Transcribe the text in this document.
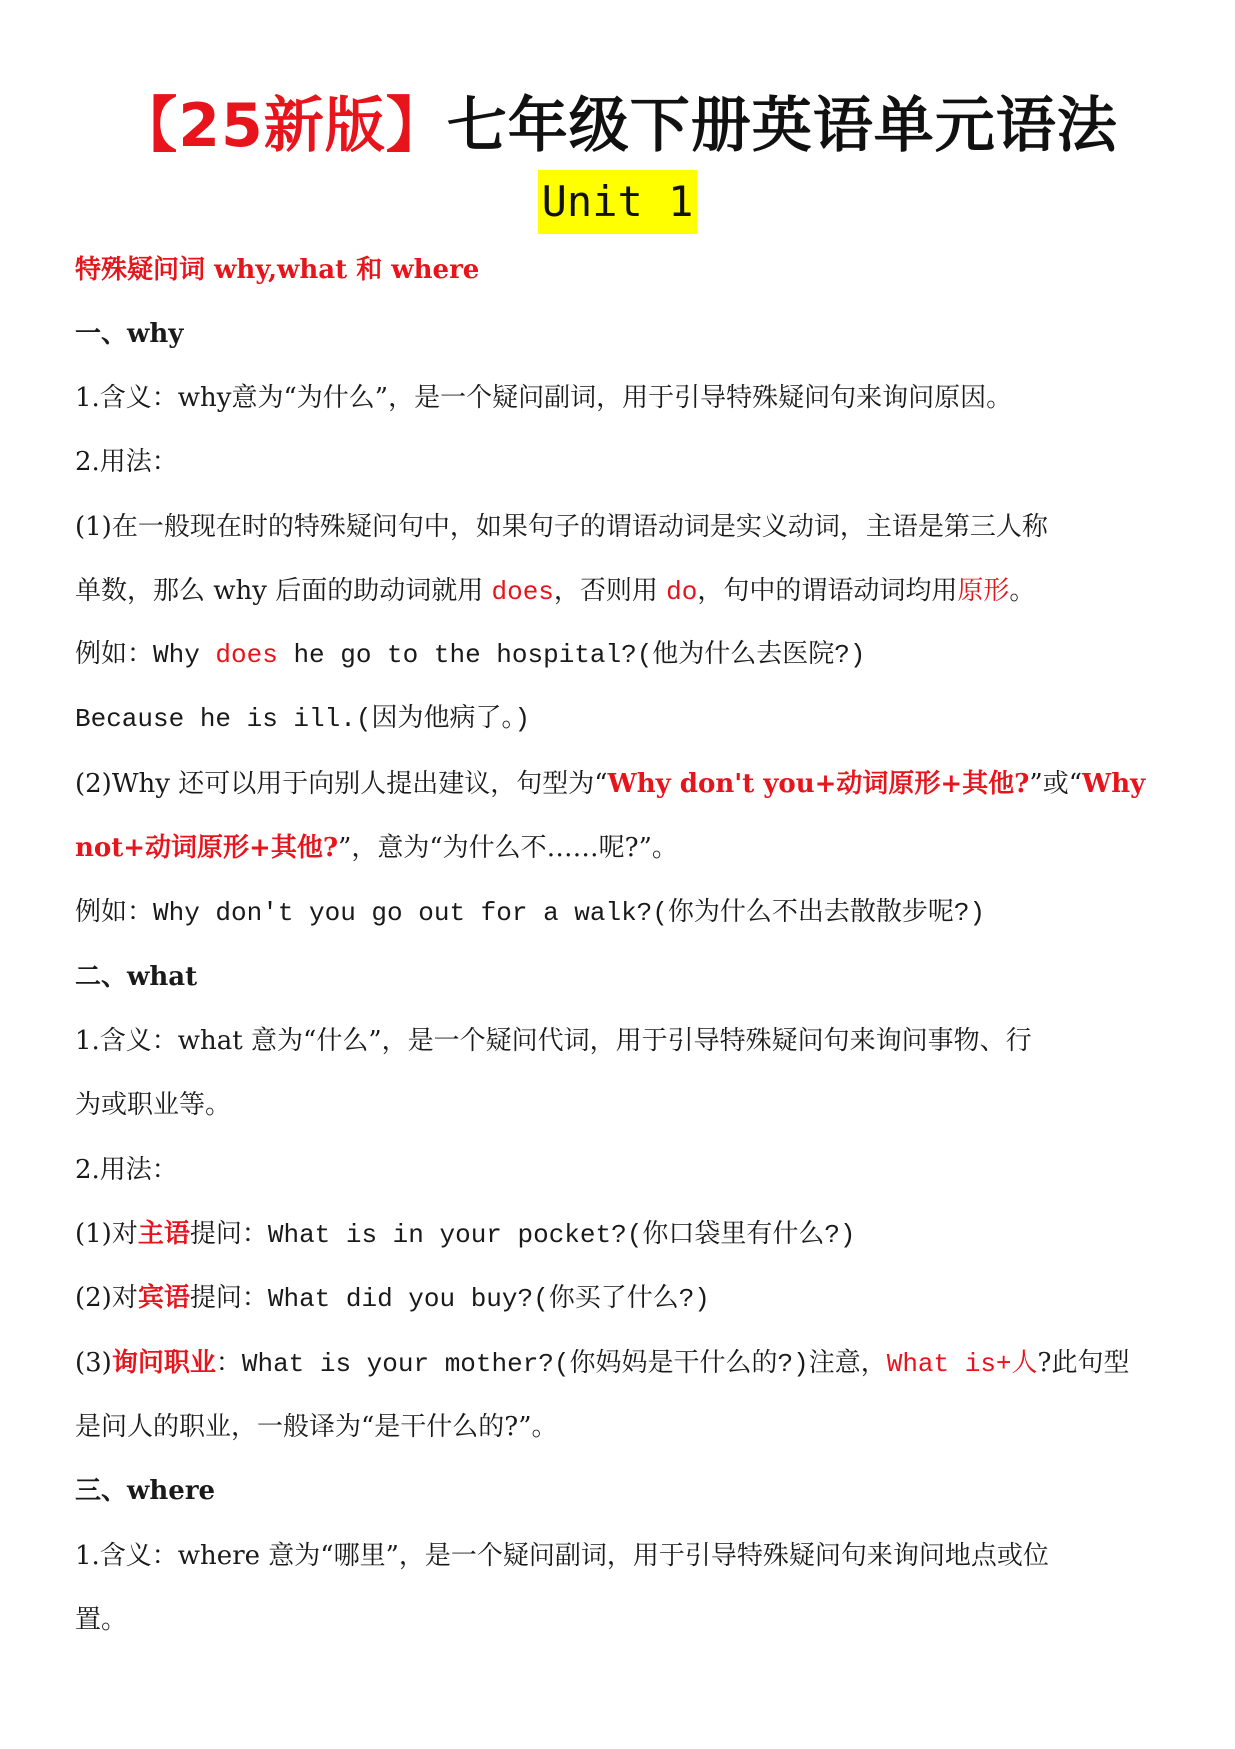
【25新版】七年级下册英语单元语法
Unit 1
特殊疑问词 why,what 和 where
一、why
1.含义：why意为“为什么”，是一个疑问副词，用于引导特殊疑问句来询问原因。
2.用法：
(1)在一般现在时的特殊疑问句中，如果句子的谓语动词是实义动词，主语是第三人称
单数，那么 why 后面的助动词就用 does，否则用 do，句中的谓语动词均用原形。
例如：Why does he go to the hospital?(他为什么去医院?)
Because he is ill.(因为他病了。)
(2)Why 还可以用于向别人提出建议，句型为“Why don't you+动词原形+其他?”或“Why
not+动词原形+其他?”，意为“为什么不……呢?”。
例如：Why don't you go out for a walk?(你为什么不出去散散步呢?)
二、what
1.含义：what 意为“什么”，是一个疑问代词，用于引导特殊疑问句来询问事物、行
为或职业等。
2.用法：
(1)对主语提问：What is in your pocket?(你口袋里有什么?)
(2)对宾语提问：What did you buy?(你买了什么?)
(3)询问职业：What is your mother?(你妈妈是干什么的?)注意，What is+人?此句型
是问人的职业，一般译为“是干什么的?”。
三、where
1.含义：where 意为“哪里”，是一个疑问副词，用于引导特殊疑问句来询问地点或位
置。
